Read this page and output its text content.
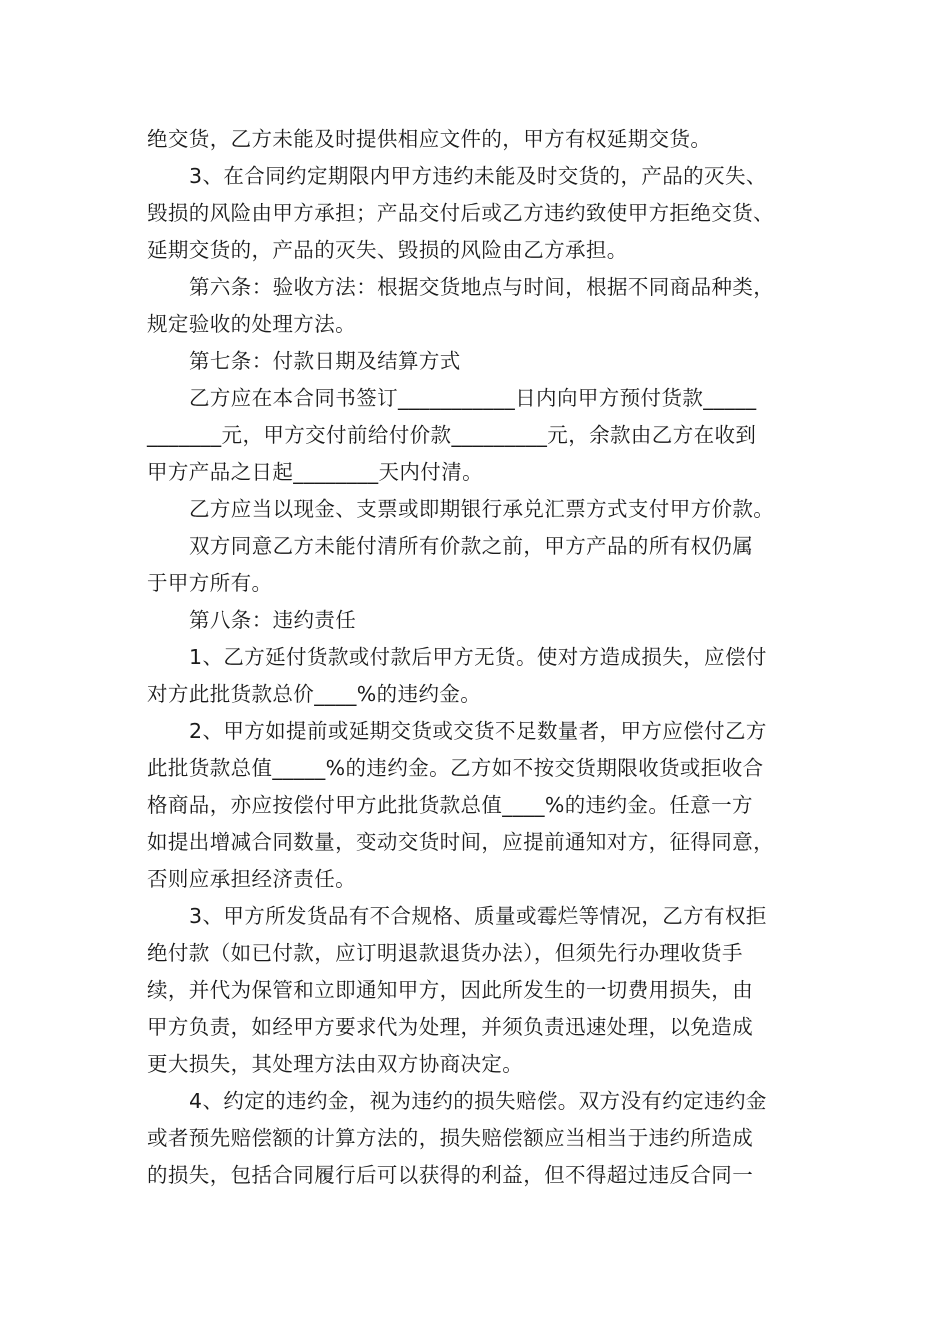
绝交货，乙方未能及时提供相应文件的，甲方有权延期交货。
3、在合同约定期限内甲方违约未能及时交货的，产品的灭失、
毁损的风险由甲方承担；产品交付后或乙方违约致使甲方拒绝交货、
延期交货的，产品的灭失、毁损的风险由乙方承担。
第六条：验收方法：根据交货地点与时间，根据不同商品种类，
规定验收的处理方法。
第七条：付款日期及结算方式
乙方应在本合同书签订___________日内向甲方预付货款_____
_______元，甲方交付前给付价款_________元，余款由乙方在收到
甲方产品之日起________天内付清。
乙方应当以现金、支票或即期银行承兑汇票方式支付甲方价款。
双方同意乙方未能付清所有价款之前，甲方产品的所有权仍属
于甲方所有。
第八条：违约责任
1、乙方延付货款或付款后甲方无货。使对方造成损失，应偿付
对方此批货款总价____%的违约金。
2、甲方如提前或延期交货或交货不足数量者，甲方应偿付乙方
此批货款总值_____%的违约金。乙方如不按交货期限收货或拒收合
格商品，亦应按偿付甲方此批货款总值____%的违约金。任意一方
如提出增减合同数量，变动交货时间，应提前通知对方，征得同意，
否则应承担经济责任。
3、甲方所发货品有不合规格、质量或霉烂等情况，乙方有权拒
绝付款（如已付款，应订明退款退货办法），但须先行办理收货手
续，并代为保管和立即通知甲方，因此所发生的一切费用损失，由
甲方负责，如经甲方要求代为处理，并须负责迅速处理，以免造成
更大损失，其处理方法由双方协商决定。
4、约定的违约金，视为违约的损失赔偿。双方没有约定违约金
或者预先赔偿额的计算方法的，损失赔偿额应当相当于违约所造成
的损失，包括合同履行后可以获得的利益，但不得超过违反合同一
